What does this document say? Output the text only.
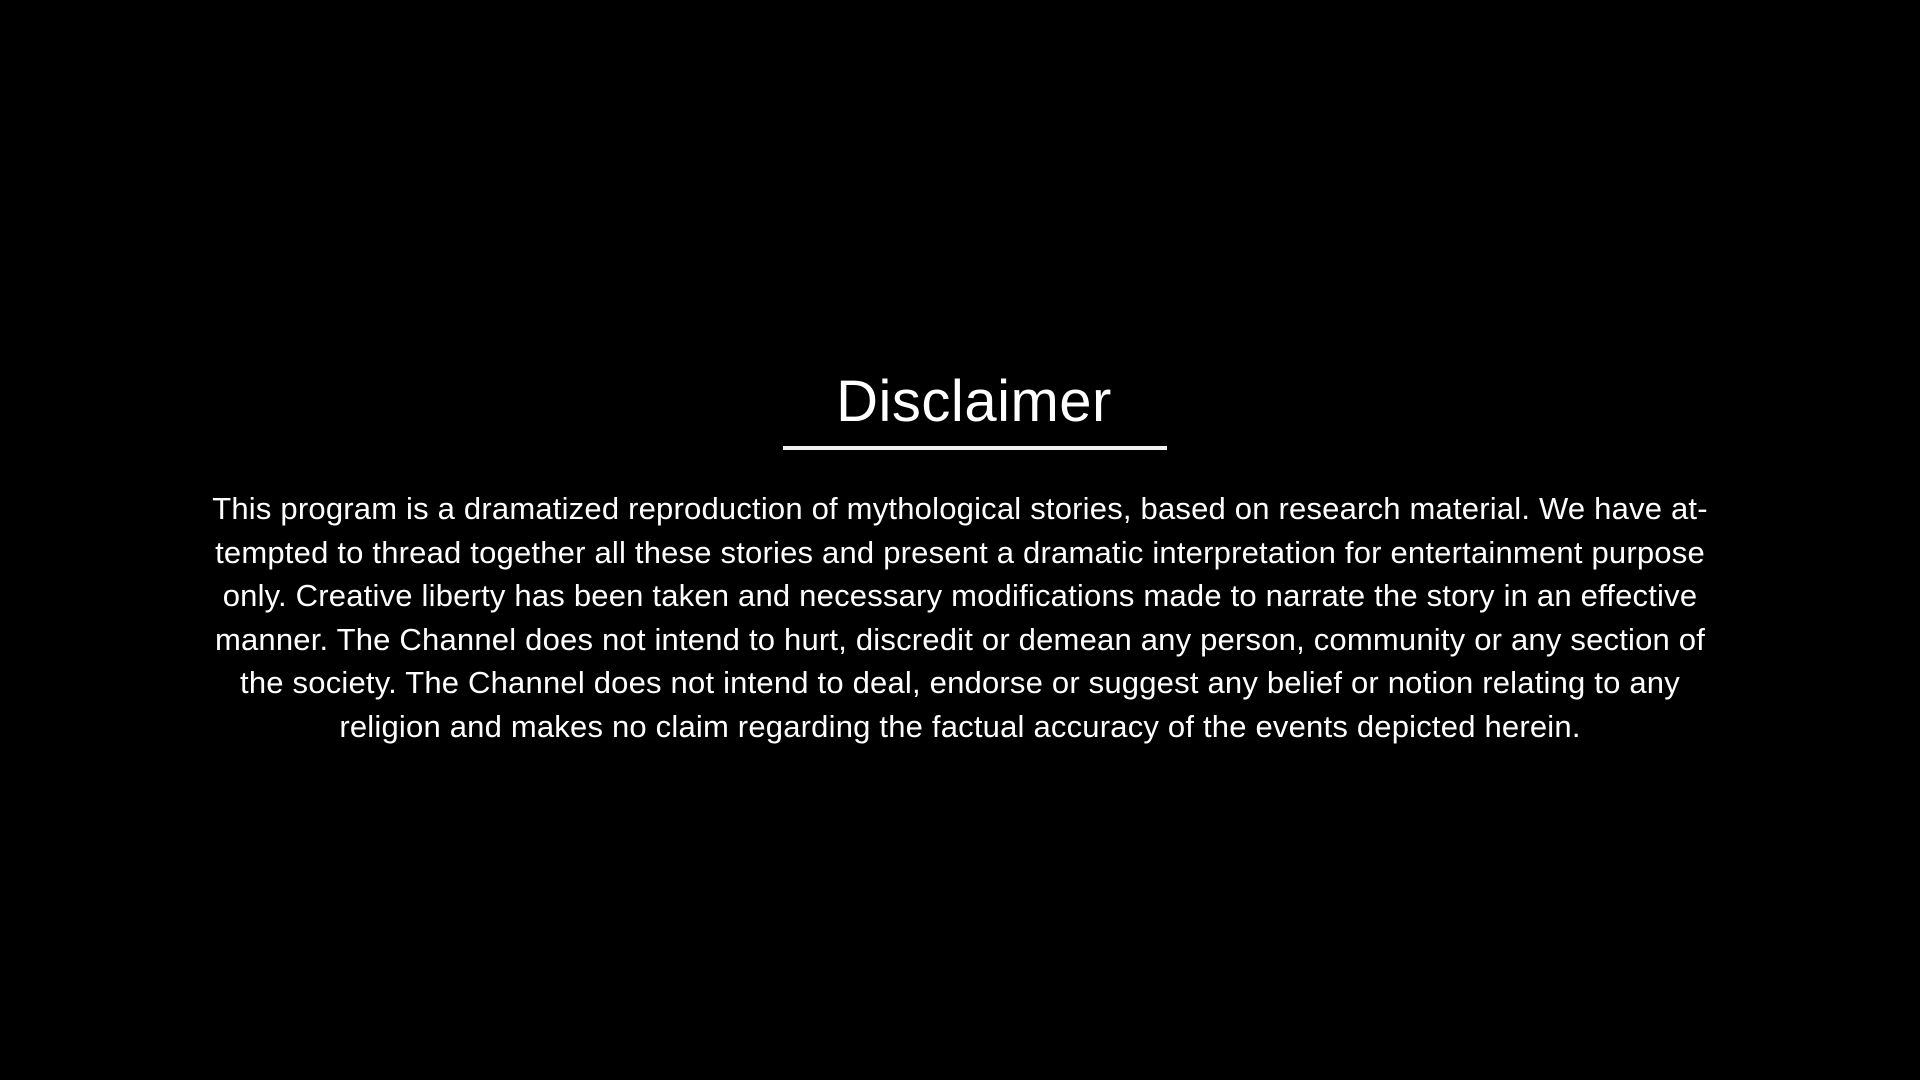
Disclaimer
This program is a dramatized reproduction of mythological stories, based on research material. We have at-
tempted to thread together all these stories and present a dramatic interpretation for entertainment purpose
only. Creative liberty has been taken and necessary modifications made to narrate the story in an effective
manner. The Channel does not intend to hurt, discredit or demean any person, community or any section of
the society. The Channel does not intend to deal, endorse or suggest any belief or notion relating to any
religion and makes no claim regarding the factual accuracy of the events depicted herein.
